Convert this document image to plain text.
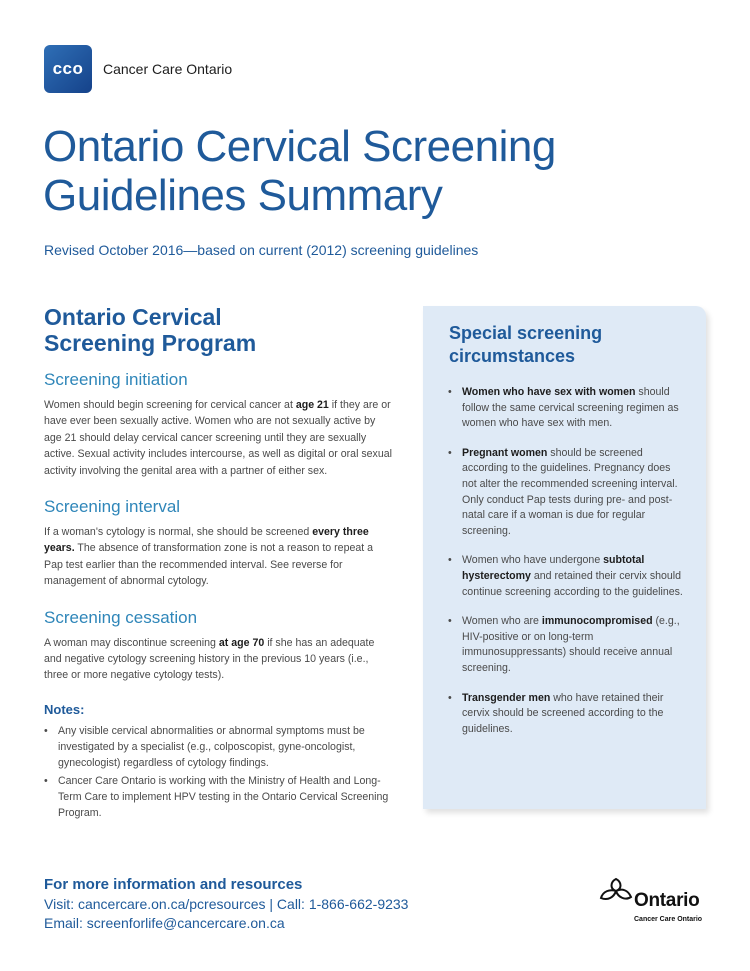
cco	Cancer Care Ontario
Ontario Cervical Screening
Guidelines Summary
Revised October 2016—based on current (2012) screening guidelines
Ontario Cervical
Screening Program
Screening initiation

Women should begin screening for cervical cancer at age 21 if they are or have ever been sexually active. Women who are not sexually active by age 21 should delay cervical cancer screening until they are sexually active. Sexual activity includes intercourse, as well as digital or oral sexual activity involving the genital area with a partner of either sex.

Screening interval

If a woman's cytology is normal, she should be screened every three years. The absence of transformation zone is not a reason to repeat a Pap test earlier than the recommended interval. See reverse for management of abnormal cytology.

Screening cessation

A woman may discontinue screening at age 70 if she has an adequate and negative cytology screening history in the previous 10 years (i.e., three or more negative cytology tests).

Notes:
• Any visible cervical abnormalities or abnormal symptoms must be investigated by a specialist (e.g., colposcopist, gyne-oncologist, gynecologist) regardless of cytology findings.
• Cancer Care Ontario is working with the Ministry of Health and Long-Term Care to implement HPV testing in the Ontario Cervical Screening Program.
Special screening
circumstances
• Women who have sex with women should follow the same cervical screening regimen as women who have sex with men.
• Pregnant women should be screened according to the guidelines. Pregnancy does not alter the recommended screening interval. Only conduct Pap tests during pre- and post-natal care if a woman is due for regular screening.
• Women who have undergone subtotal hysterectomy and retained their cervix should continue screening according to the guidelines.
• Women who are immunocompromised (e.g., HIV-positive or on long-term immunosuppressants) should receive annual screening.
• Transgender men who have retained their cervix should be screened according to the guidelines.
For more information and resources
Visit: cancercare.on.ca/pcresources | Call: 1-866-662-9233
Email: screenforlife@cancercare.on.ca
Ontario
Cancer Care Ontario
